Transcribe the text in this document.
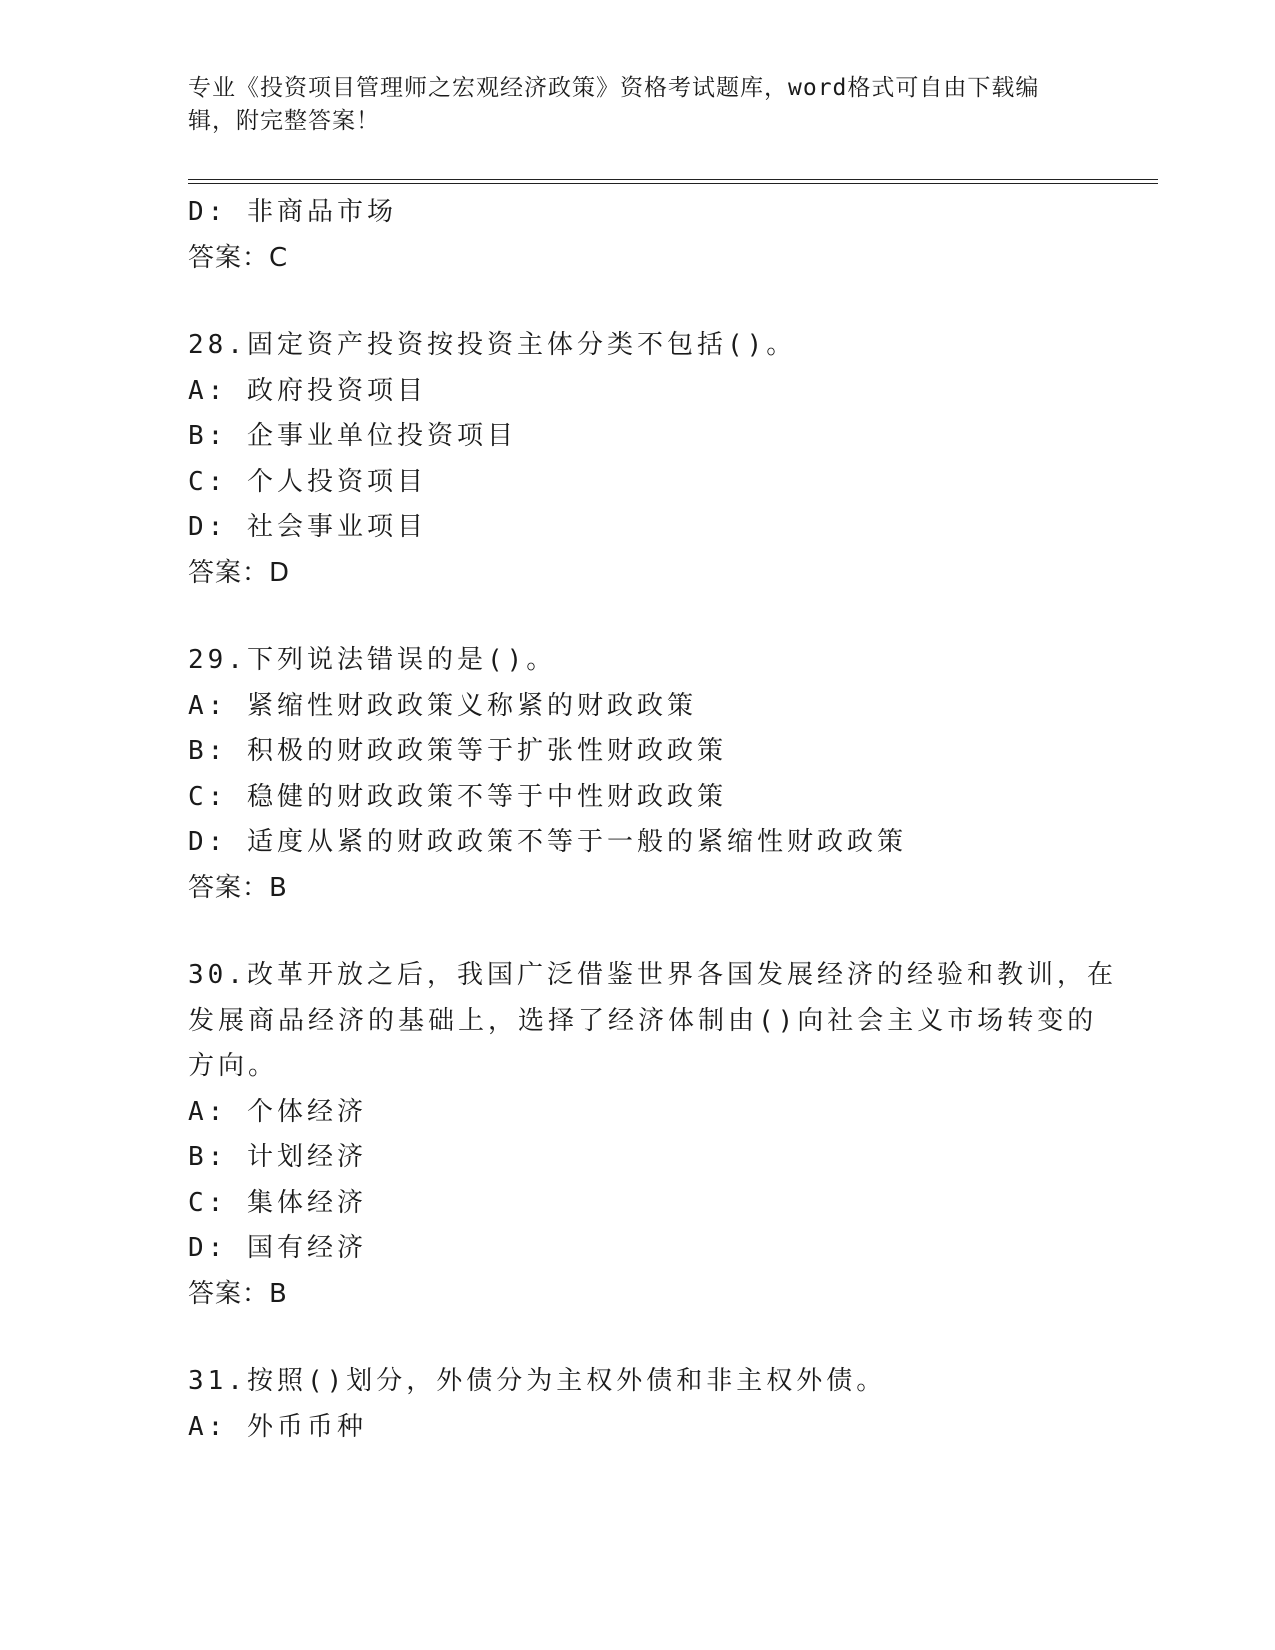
专业《投资项目管理师之宏观经济政策》资格考试题库，word格式可自由下载编
辑，附完整答案！
D: 非商品市场
答案：C
28.固定资产投资按投资主体分类不包括()。
A: 政府投资项目
B: 企事业单位投资项目
C: 个人投资项目
D: 社会事业项目
答案：D
29.下列说法错误的是()。
A: 紧缩性财政政策义称紧的财政政策
B: 积极的财政政策等于扩张性财政政策
C: 稳健的财政政策不等于中性财政政策
D: 适度从紧的财政政策不等于一般的紧缩性财政政策
答案：B
30.改革开放之后，我国广泛借鉴世界各国发展经济的经验和教训，在
发展商品经济的基础上，选择了经济体制由()向社会主义市场转变的
方向。
A: 个体经济
B: 计划经济
C: 集体经济
D: 国有经济
答案：B
31.按照()划分，外债分为主权外债和非主权外债。
A: 外币币种
